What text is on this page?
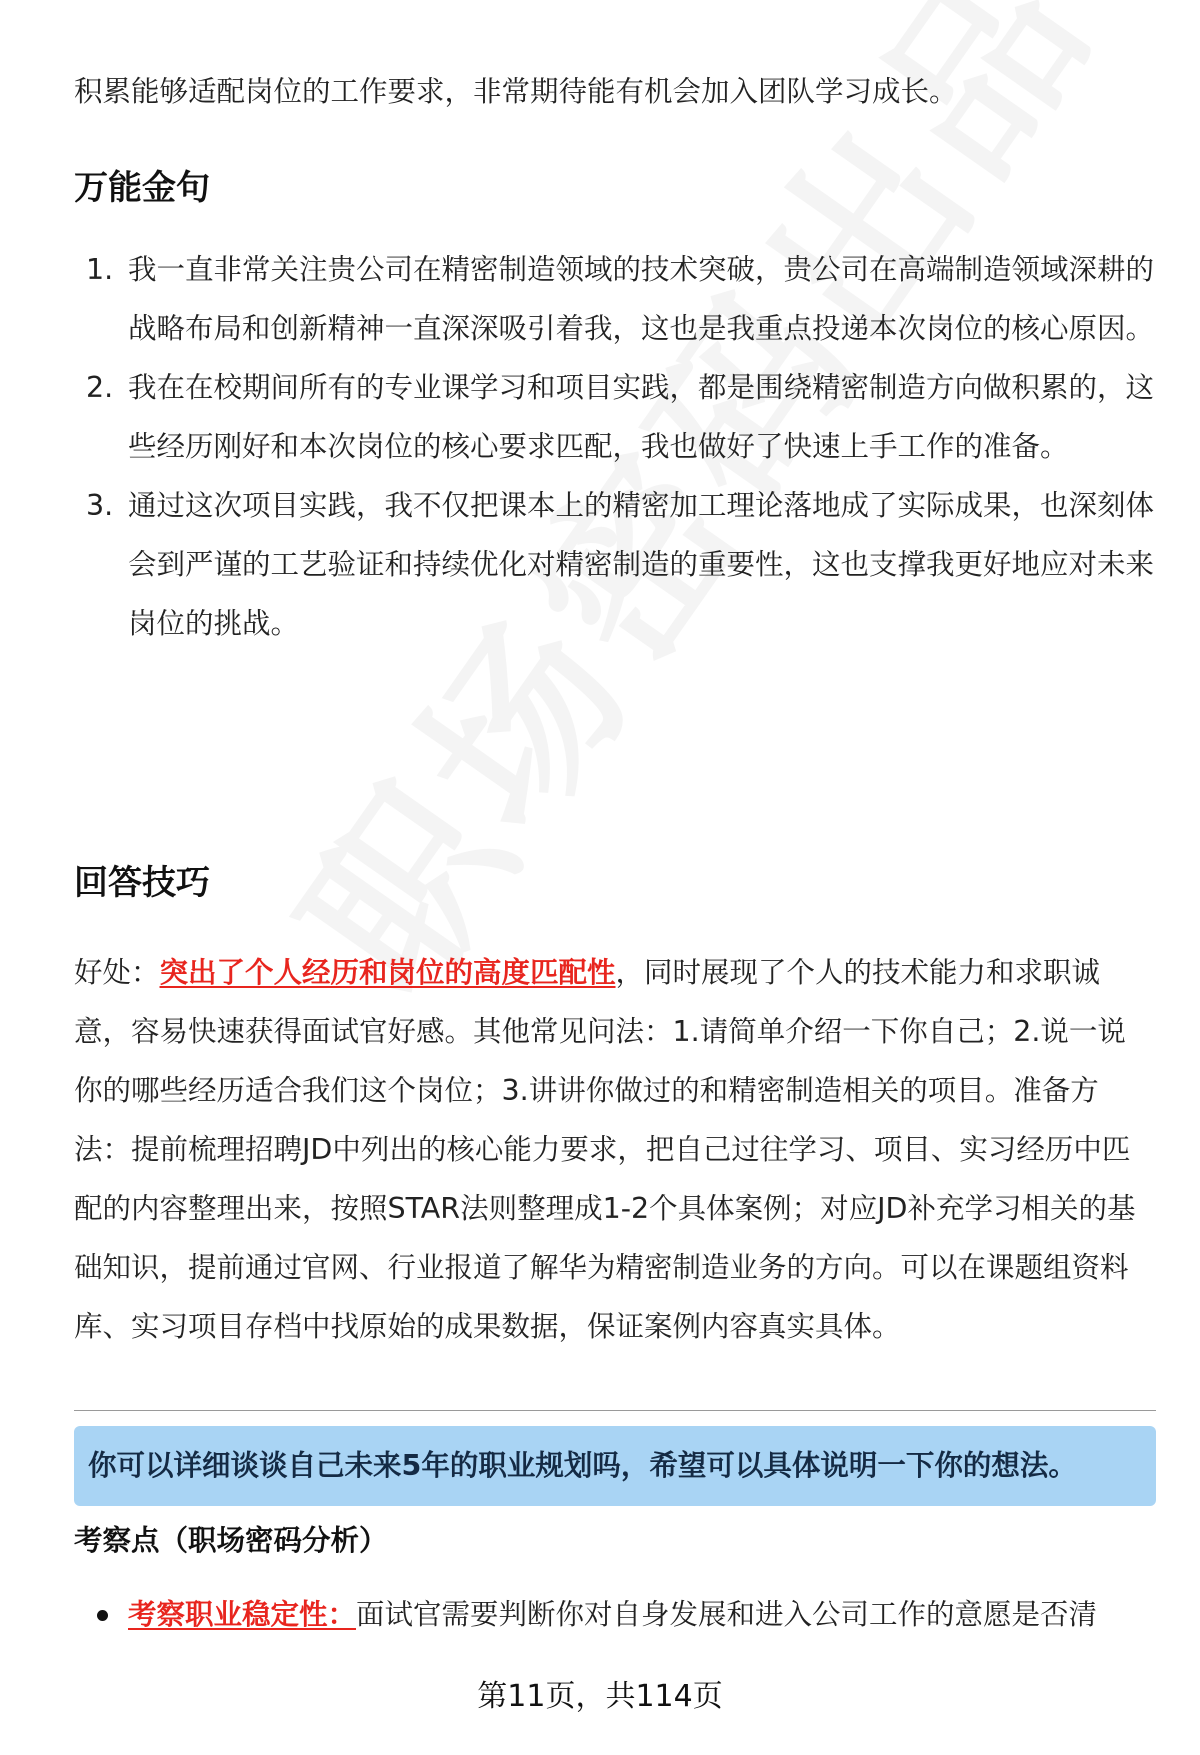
积累能够适配岗位的工作要求，非常期待能有机会加入团队学习成长。

万能金句
1. 我一直非常关注贵公司在精密制造领域的技术突破，贵公司在高端制造领域深耕的战略布局和创新精神一直深深吸引着我，这也是我重点投递本次岗位的核心原因。
2. 我在在校期间所有的专业课学习和项目实践，都是围绕精密制造方向做积累的，这些经历刚好和本次岗位的核心要求匹配，我也做好了快速上手工作的准备。
3. 通过这次项目实践，我不仅把课本上的精密加工理论落地成了实际成果，也深刻体会到严谨的工艺验证和持续优化对精密制造的重要性，这也支撑我更好地应对未来岗位的挑战。
回答技巧

好处：突出了个人经历和岗位的高度匹配性，同时展现了个人的技术能力和求职诚意，容易快速获得面试官好感。其他常见问法：1.请简单介绍一下你自己；2.说一说你的哪些经历适合我们这个岗位；3.讲讲你做过的和精密制造相关的项目。准备方法：提前梳理招聘JD中列出的核心能力要求，把自己过往学习、项目、实习经历中匹配的内容整理出来，按照STAR法则整理成1-2个具体案例；对应JD补充学习相关的基础知识，提前通过官网、行业报道了解华为精密制造业务的方向。可以在课题组资料库、实习项目存档中找原始的成果数据，保证案例内容真实具体。

你可以详细谈谈自己未来5年的职业规划吗，希望可以具体说明一下你的想法。
考察点（职场密码分析）
考察职业稳定性：面试官需要判断你对自身发展和进入公司工作的意愿是否清
第11页，共114页
